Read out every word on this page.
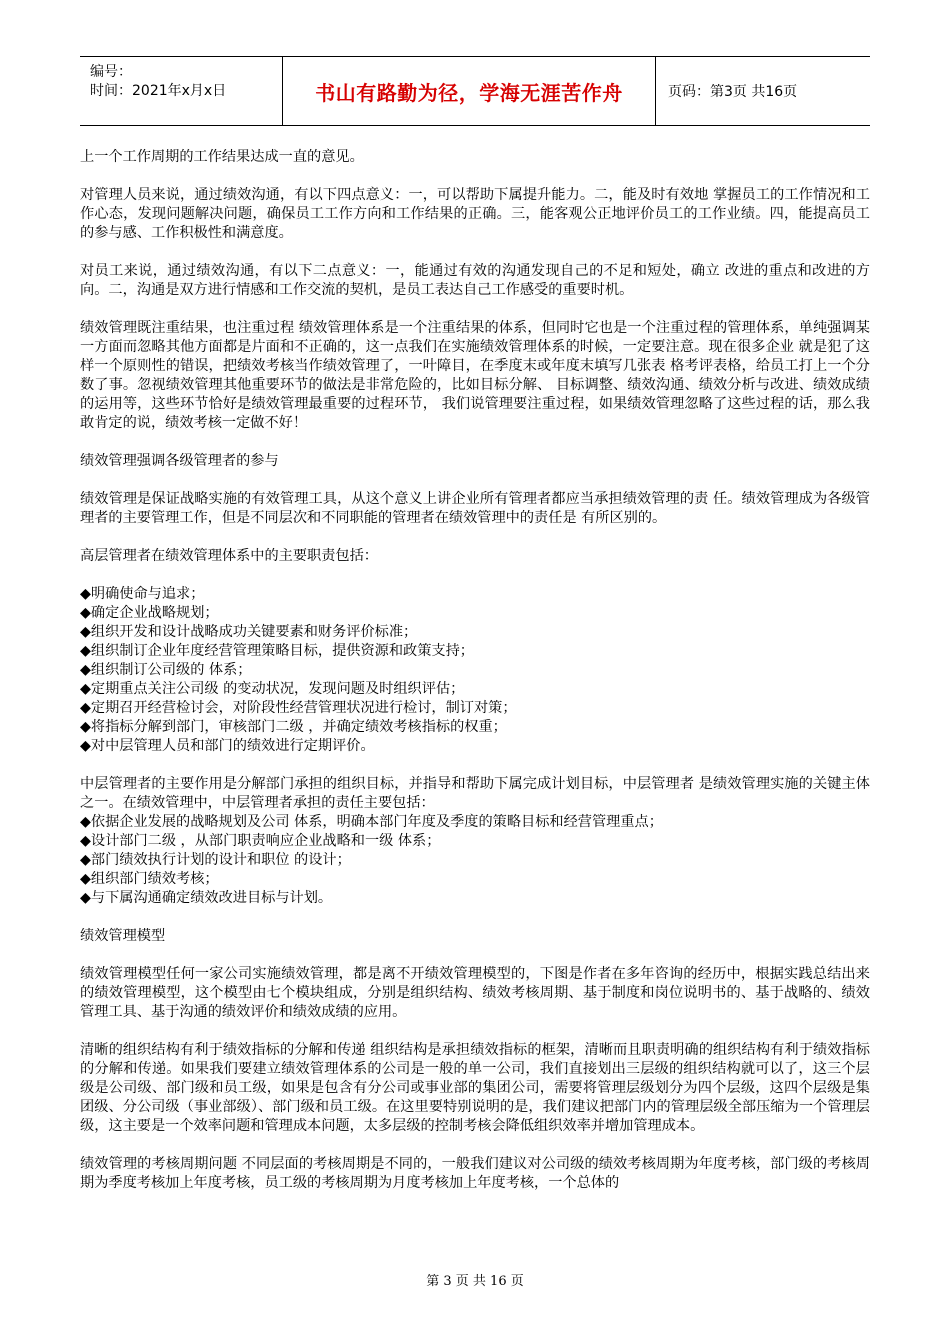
编号：
时间：2021年x月x日	书山有路勤为径，学海无涯苦作舟	页码：第3页 共16页

上一个工作周期的工作结果达成一直的意见。

对管理人员来说，通过绩效沟通，有以下四点意义：一，可以帮助下属提升能力。二，能及时有效地 掌握员工的工作情况和工作心态，发现问题解决问题，确保员工工作方向和工作结果的正确。三，能客观公正地评价员工的工作业绩。四，能提高员工的参与感、工作积极性和满意度。

对员工来说，通过绩效沟通，有以下二点意义：一，能通过有效的沟通发现自己的不足和短处，确立 改进的重点和改进的方向。二，沟通是双方进行情感和工作交流的契机，是员工表达自己工作感受的重要时机。

绩效管理既注重结果，也注重过程 绩效管理体系是一个注重结果的体系，但同时它也是一个注重过程的管理体系，单纯强调某一方面而忽略其他方面都是片面和不正确的，这一点我们在实施绩效管理体系的时候，一定要注意。现在很多企业 就是犯了这样一个原则性的错误，把绩效考核当作绩效管理了，一叶障目，在季度末或年度末填写几张表 格考评表格，给员工打上一个分数了事。忽视绩效管理其他重要环节的做法是非常危险的，比如目标分解、 目标调整、绩效沟通、绩效分析与改进、绩效成绩的运用等，这些环节恰好是绩效管理最重要的过程环节， 我们说管理要注重过程，如果绩效管理忽略了这些过程的话，那么我敢肯定的说，绩效考核一定做不好！

绩效管理强调各级管理者的参与

绩效管理是保证战略实施的有效管理工具，从这个意义上讲企业所有管理者都应当承担绩效管理的责 任。绩效管理成为各级管理者的主要管理工作，但是不同层次和不同职能的管理者在绩效管理中的责任是 有所区别的。

高层管理者在绩效管理体系中的主要职责包括：

◆明确使命与追求；
◆确定企业战略规划；
◆组织开发和设计战略成功关键要素和财务评价标准；
◆组织制订企业年度经营管理策略目标，提供资源和政策支持；
◆组织制订公司级的 体系；
◆定期重点关注公司级 的变动状况，发现问题及时组织评估；
◆定期召开经营检讨会，对阶段性经营管理状况进行检讨，制订对策；
◆将指标分解到部门，审核部门二级 ，并确定绩效考核指标的权重；
◆对中层管理人员和部门的绩效进行定期评价。

中层管理者的主要作用是分解部门承担的组织目标，并指导和帮助下属完成计划目标，中层管理者 是绩效管理实施的关键主体之一。在绩效管理中，中层管理者承担的责任主要包括：

◆依据企业发展的战略规划及公司 体系，明确本部门年度及季度的策略目标和经营管理重点；
◆设计部门二级 ，从部门职责响应企业战略和一级 体系；
◆部门绩效执行计划的设计和职位 的设计；
◆组织部门绩效考核；
◆与下属沟通确定绩效改进目标与计划。

绩效管理模型

绩效管理模型任何一家公司实施绩效管理，都是离不开绩效管理模型的，下图是作者在多年咨询的经历中，根据实践总结出来的绩效管理模型，这个模型由七个模块组成，分别是组织结构、绩效考核周期、基于制度和岗位说明书的、基于战略的、绩效管理工具、基于沟通的绩效评价和绩效成绩的应用。

清晰的组织结构有利于绩效指标的分解和传递 组织结构是承担绩效指标的框架，清晰而且职责明确的组织结构有利于绩效指标的分解和传递。如果我们要建立绩效管理体系的公司是一般的单一公司，我们直接划出三层级的组织结构就可以了，这三个层级是公司级、部门级和员工级，如果是包含有分公司或事业部的集团公司，需要将管理层级划分为四个层级，这四个层级是集团级、分公司级（事业部级）、部门级和员工级。在这里要特别说明的是，我们建议把部门内的管理层级全部压缩为一个管理层级，这主要是一个效率问题和管理成本问题，太多层级的控制考核会降低组织效率并增加管理成本。

绩效管理的考核周期问题 不同层面的考核周期是不同的，一般我们建议对公司级的绩效考核周期为年度考核，部门级的考核周期为季度考核加上年度考核，员工级的考核周期为月度考核加上年度考核，一个总体的

第 3 页 共 16 页
